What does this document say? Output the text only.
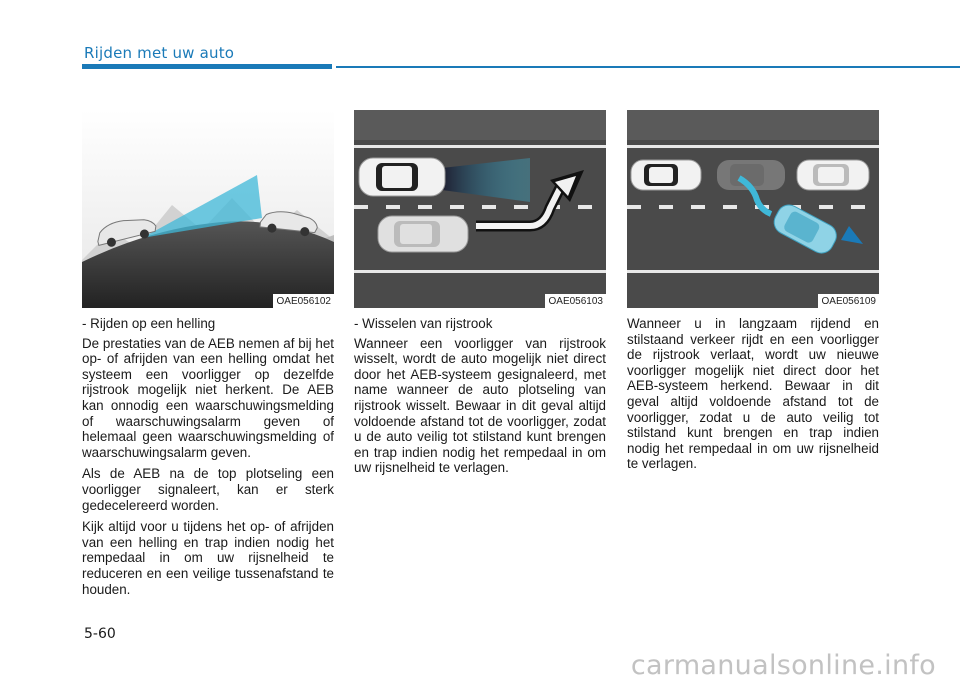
Rijden met uw auto
OAE056102

- Rijden op een helling

De prestaties van de AEB nemen af bij het op- of afrijden van een helling omdat het systeem een voorligger op dezelfde rijstrook mogelijk niet herkent. De AEB kan onnodig een waarschuwingsmelding of waarschuwingsalarm geven of helemaal geen waarschuwingsmelding of waarschuwingsalarm geven.

Als de AEB na de top plotseling een voorligger signaleert, kan er sterk gedecelereerd worden.

Kijk altijd voor u tijdens het op- of afrijden van een helling en trap indien nodig het rempedaal in om uw rijsnelheid te reduceren en een veilige tussenafstand te houden.

OAE056103

- Wisselen van rijstrook

Wanneer een voorligger van rijstrook wisselt, wordt de auto mogelijk niet direct door het AEB-systeem gesignaleerd, met name wanneer de auto plotseling van rijstrook wisselt. Bewaar in dit geval altijd voldoende afstand tot de voorligger, zodat u de auto veilig tot stilstand kunt brengen en trap indien nodig het rempedaal in om uw rijsnelheid te verlagen.

OAE056109

Wanneer u in langzaam rijdend en stilstaand verkeer rijdt en een voorligger de rijstrook verlaat, wordt uw nieuwe voorligger mogelijk niet direct door het AEB-systeem herkend. Bewaar in dit geval altijd voldoende afstand tot de voorligger, zodat u de auto veilig tot stilstand kunt brengen en trap indien nodig het rempedaal in om uw rijsnelheid te verlagen.

5-60
carmanualsonline.info
